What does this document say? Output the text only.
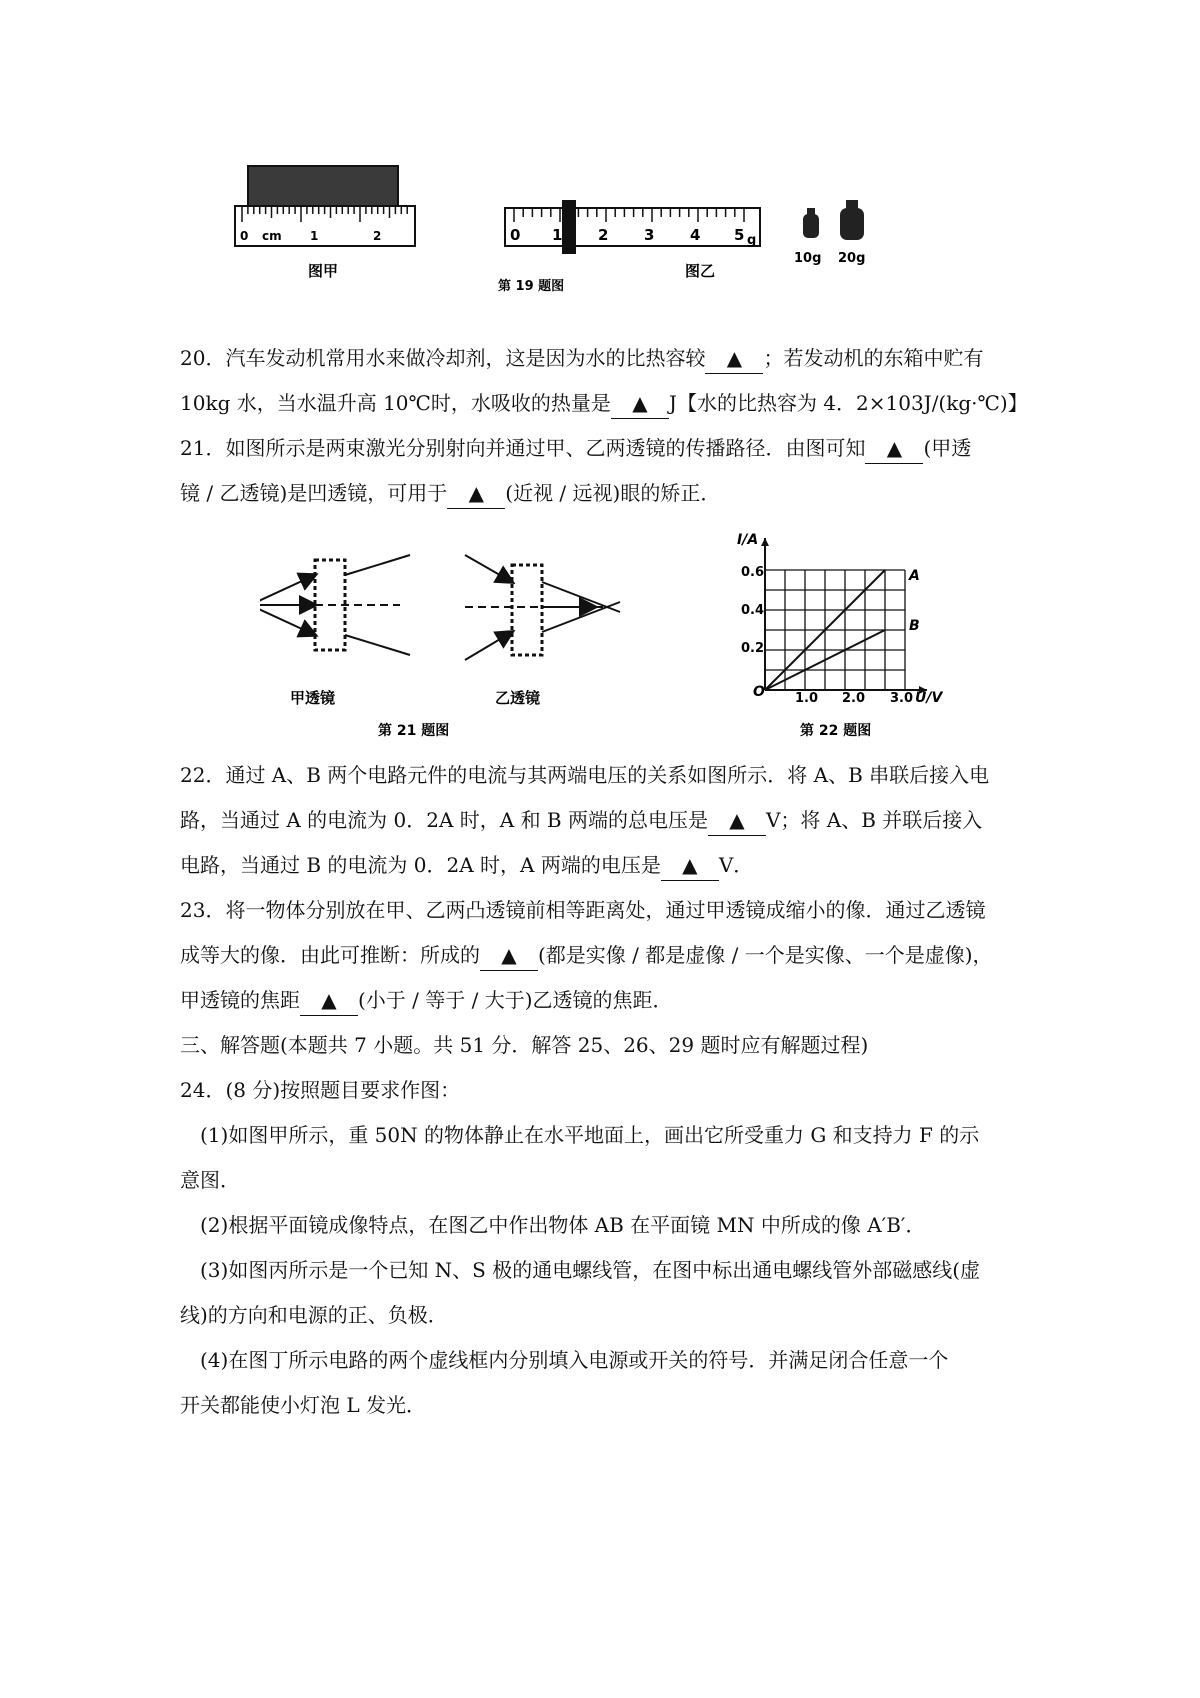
0 cm 1	2	0 1 2 3 4 5 g
10g 20g
图甲	图乙
第 19 题图
20．汽车发动机常用水来做冷却剂，这是因为水的比热容较 ▲ ；若发动机的东箱中贮有
10kg 水，当水温升高 10℃时，水吸收的热量是 ▲ J【水的比热容为 4．2×103J/(kg·℃)】
21．如图所示是两束激光分别射向并通过甲、乙两透镜的传播路径．由图可知 ▲ (甲透
镜 / 乙透镜)是凹透镜，可用于 ▲ (近视 / 远视)眼的矫正．
甲透镜	乙透镜
第 21 题图
I/A
U/V
O
0.6
0.4
0.2
1.0 2.0 3.0
A
B
第 22 题图
22．通过 A、B 两个电路元件的电流与其两端电压的关系如图所示．将 A、B 串联后接入电
路，当通过 A 的电流为 0．2A 时，A 和 B 两端的总电压是 ▲ V；将 A、B 并联后接入
电路，当通过 B 的电流为 0．2A 时，A 两端的电压是 ▲ V．
23．将一物体分别放在甲、乙两凸透镜前相等距离处，通过甲透镜成缩小的像．通过乙透镜
成等大的像．由此可推断：所成的 ▲ (都是实像 / 都是虚像 / 一个是实像、一个是虚像)，
甲透镜的焦距 ▲ (小于 / 等于 / 大于)乙透镜的焦距．
三、解答题(本题共 7 小题。共 51 分．解答 25、26、29 题时应有解题过程)
24．(8 分)按照题目要求作图：
(1)如图甲所示，重 50N 的物体静止在水平地面上，画出它所受重力 G 和支持力 F 的示
意图．
(2)根据平面镜成像特点，在图乙中作出物体 AB 在平面镜 MN 中所成的像 A′B′．
(3)如图丙所示是一个已知 N、S 极的通电螺线管，在图中标出通电螺线管外部磁感线(虚
线)的方向和电源的正、负极．
(4)在图丁所示电路的两个虚线框内分别填入电源或开关的符号．并满足闭合任意一个
开关都能使小灯泡 L 发光．
